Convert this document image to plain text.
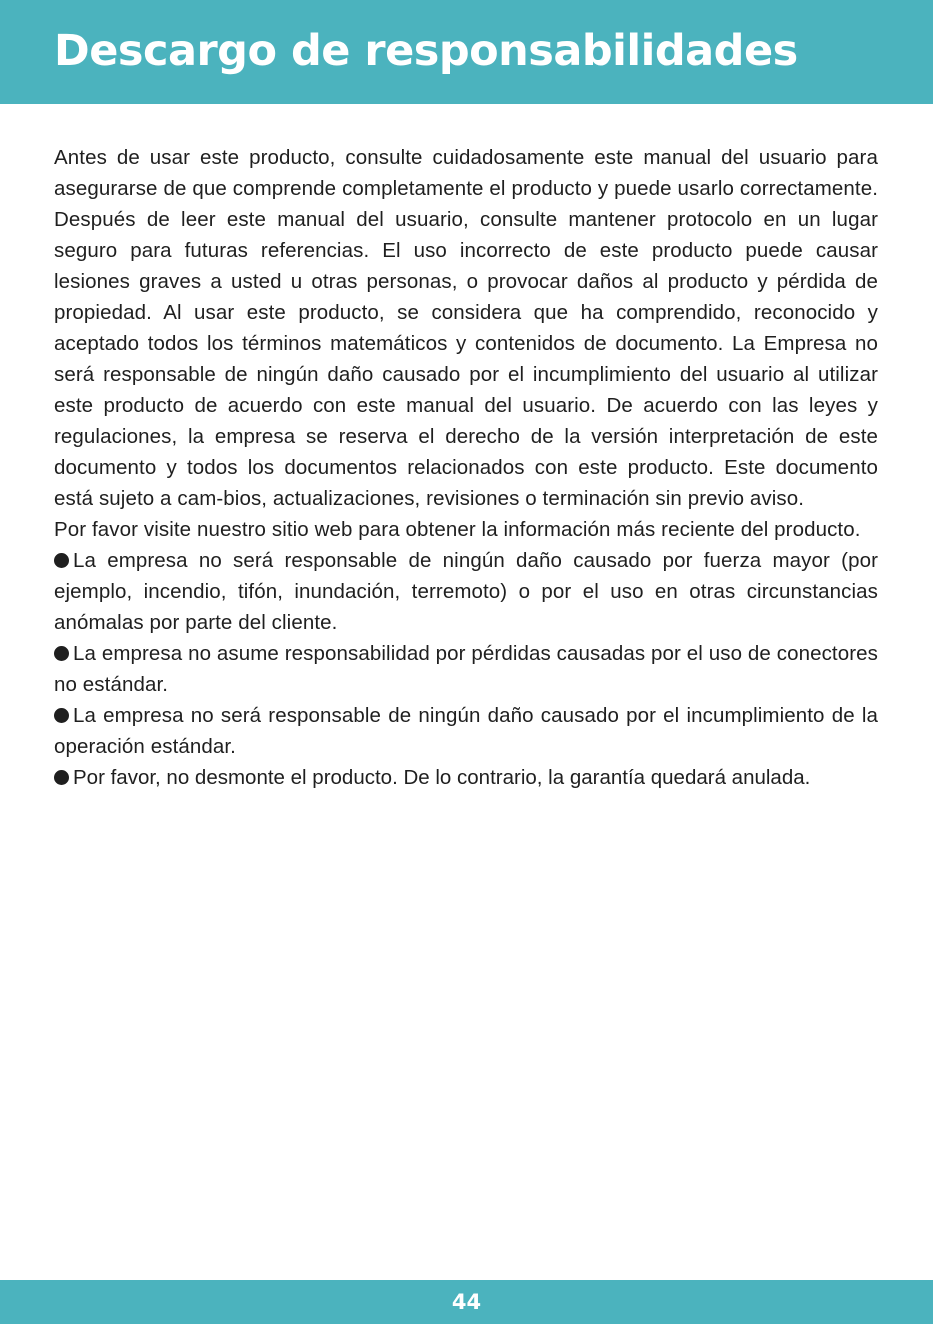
Descargo de responsabilidades

Antes de usar este producto, consulte cuidadosamente este manual del usuario para asegurarse de que comprende completamente el producto y puede usarlo correctamente. Después de leer este manual del usuario, consulte mantener protocolo en un lugar seguro para futuras referencias. El uso incorrecto de este producto puede causar lesiones graves a usted u otras personas, o provocar daños al producto y pérdida de propiedad. Al usar este producto, se considera que ha comprendido, reconocido y aceptado todos los términos matemáticos y contenidos de documento. La Empresa no será responsable de ningún daño causado por el incumplimiento del usuario al utilizar este producto de acuerdo con este manual del usuario. De acuerdo con las leyes y regulaciones, la empresa se reserva el derecho de la versión interpretación de este documento y todos los documentos relacionados con este producto. Este documento está sujeto a cam-bios, actualizaciones, revisiones o terminación sin previo aviso.

Por favor visite nuestro sitio web para obtener la información más reciente del producto.

La empresa no será responsable de ningún daño causado por fuerza mayor (por ejemplo, incendio, tifón, inundación, terremoto) o por el uso en otras circunstancias anómalas por parte del cliente.

La empresa no asume responsabilidad por pérdidas causadas por el uso de conectores no estándar.

La empresa no será responsable de ningún daño causado por el incumplimiento de la operación estándar.

Por favor, no desmonte el producto. De lo contrario, la garantía quedará anulada.

44
